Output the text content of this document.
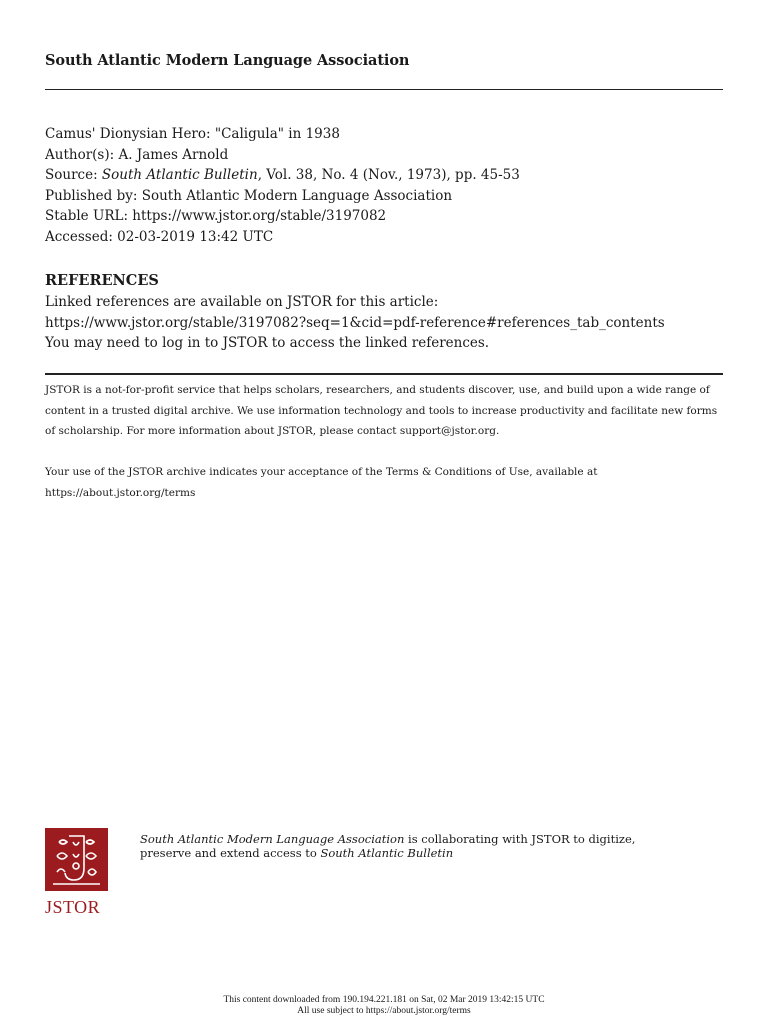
South Atlantic Modern Language Association
Camus' Dionysian Hero: "Caligula" in 1938
Author(s): A. James Arnold
Source: South Atlantic Bulletin, Vol. 38, No. 4 (Nov., 1973), pp. 45-53
Published by: South Atlantic Modern Language Association
Stable URL: https://www.jstor.org/stable/3197082
Accessed: 02-03-2019 13:42 UTC
REFERENCES
Linked references are available on JSTOR for this article:
https://www.jstor.org/stable/3197082?seq=1&cid=pdf-reference#references_tab_contents
You may need to log in to JSTOR to access the linked references.
JSTOR is a not-for-profit service that helps scholars, researchers, and students discover, use, and build upon a wide range of content in a trusted digital archive. We use information technology and tools to increase productivity and facilitate new forms of scholarship. For more information about JSTOR, please contact support@jstor.org.
Your use of the JSTOR archive indicates your acceptance of the Terms & Conditions of Use, available at https://about.jstor.org/terms
JSTOR
South Atlantic Modern Language Association is collaborating with JSTOR to digitize,
preserve and extend access to South Atlantic Bulletin
This content downloaded from 190.194.221.181 on Sat, 02 Mar 2019 13:42:15 UTC
All use subject to https://about.jstor.org/terms
